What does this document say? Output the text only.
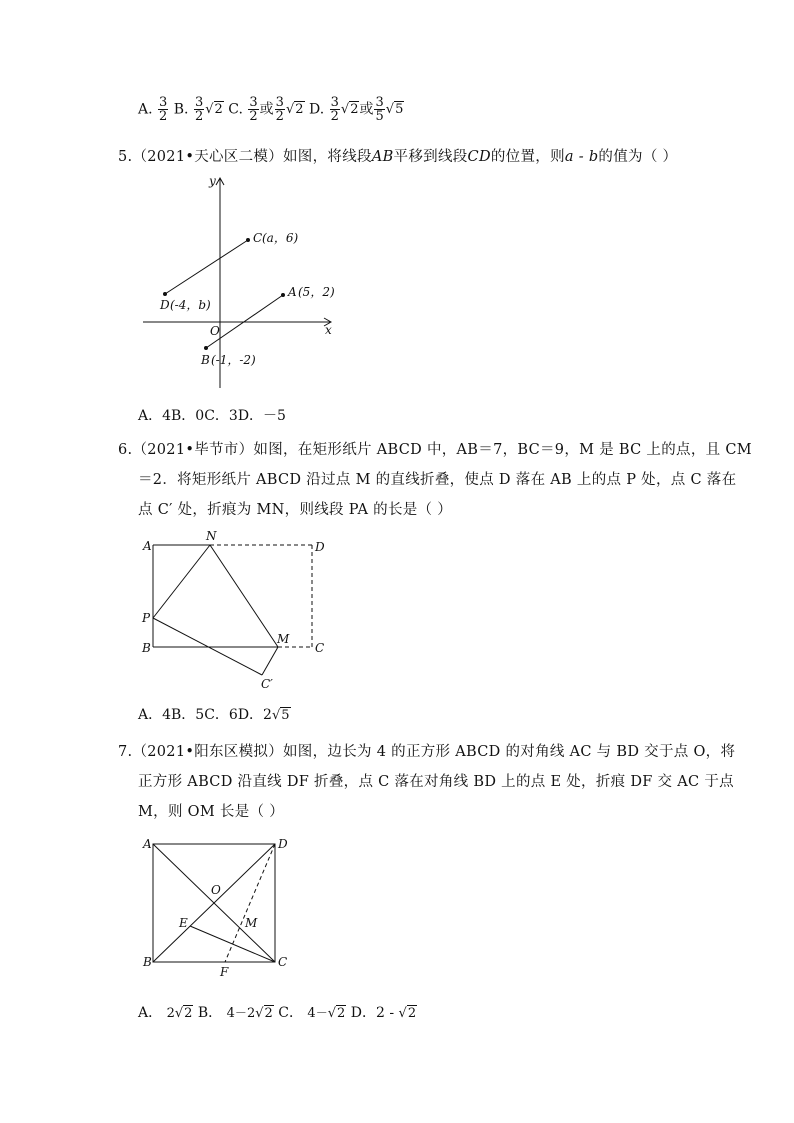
A. $\frac{3}{2} B$. $\frac{3}{2} √2$ C. $\frac{3}{2}$ 或 $\frac{3}{2} √2$ D. $\frac{3}{2} √2$或 $\frac{3}{5} √5$
5.（2021•天心区二模）如图，将线段AB平移到线段CD的位置，则a - b的值为（ ）
y
x
O
C (a，6)
D (-4，b)
A (5，2)
B (-1，-2)
A．4B．0C．3D．－5
6.（2021•毕节市）如图，在矩形纸片 ABCD 中，AB＝7，BC＝9，M 是 BC 上的点，且 CM
＝2．将矩形纸片 ABCD 沿过点 M 的直线折叠，使点 D 落在 AB 上的点 P 处，点 C 落在
点 C′ 处，折痕为 MN，则线段 PA 的长是（ ）
A
N
D
P
B
M
C
C′
A．4B．5C．6D．2√5
7.（2021•阳东区模拟）如图，边长为 4 的正方形 ABCD 的对角线 AC 与 BD 交于点 O，将
正方形 ABCD 沿直线 DF 折叠，点 C 落在对角线 BD 上的点 E 处，折痕 DF 交 AC 于点
M，则 OM 长是（ ）
A	D
O
E	M
B
F
C
A． 2√2 B． 4－2√2 C． 4－√2 D．2 - √2
